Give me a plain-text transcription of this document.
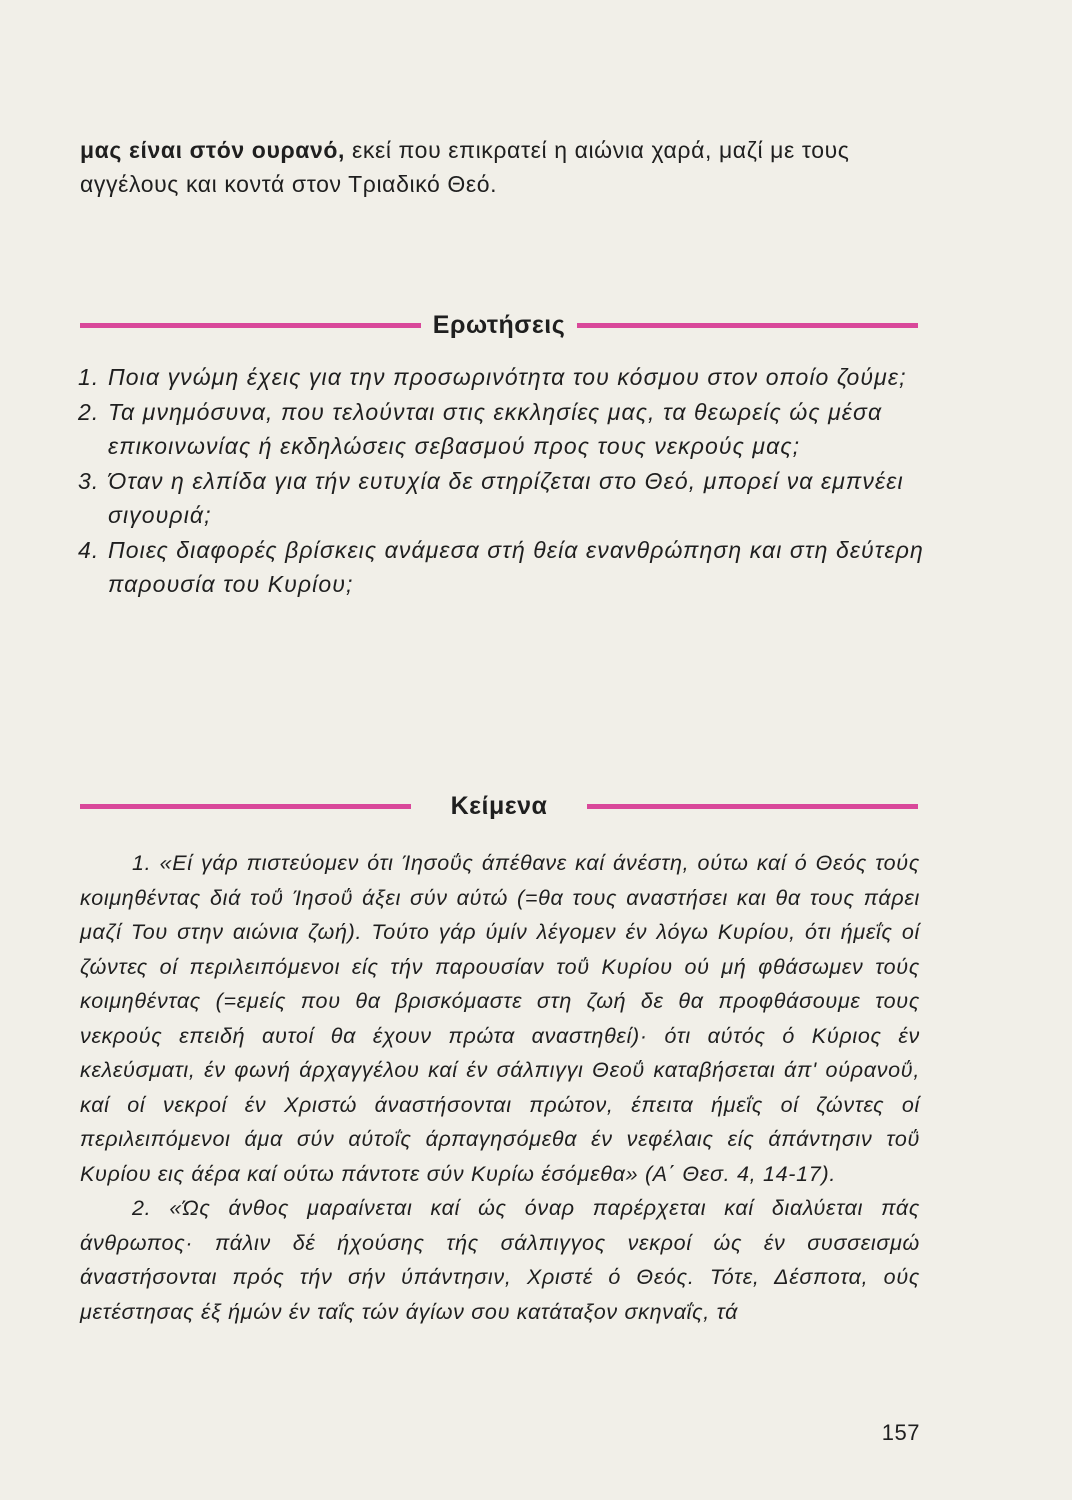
μας είναι στόν ουρανό, εκεί που επικρατεί η αιώνια χαρά, μαζί με τους αγγέλους και κοντά στον Τριαδικό Θεό.
Ερωτήσεις
1. Ποια γνώμη έχεις για την προσωρινότητα του κόσμου στον οποίο ζούμε;
2. Τα μνημόσυνα, που τελούνται στις εκκλησίες μας, τα θεωρείς ώς μέσα επικοινωνίας ή εκδηλώσεις σεβασμού προς τους νεκρούς μας;
3. Όταν η ελπίδα για τήν ευτυχία δε στηρίζεται στο Θεό, μπορεί να εμπνέει σιγουριά;
4. Ποιες διαφορές βρίσκεις ανάμεσα στή θεία ενανθρώπηση και στη δεύτερη παρουσία του Κυρίου;
Κείμενα

1. «Εί γάρ πιστεύομεν ότι Ίησοΰς άπέθανε καί άνέστη, ούτω καί ό Θεός τούς κοιμηθέντας διά τοΰ Ίησοΰ άξει σύν αύτώ (=θα τους αναστήσει και θα τους πάρει μαζί Του στην αιώνια ζωή). Τούτο γάρ ύμίν λέγομεν έν λόγω Κυρίου, ότι ήμεΐς οί ζώντες οί περιλειπόμενοι είς τήν παρουσίαν τοΰ Κυρίου ού μή φθάσωμεν τούς κοιμηθέντας (=εμείς που θα βρισκόμαστε στη ζωή δε θα προφθάσουμε τους νεκρούς επειδή αυτοί θα έχουν πρώτα αναστηθεί)· ότι αύτός ό Κύριος έν κελεύσματι, έν φωνή άρχαγγέλου καί έν σάλπιγγι Θεοΰ καταβήσεται άπ' ούρανοΰ, καί οί νεκροί έν Χριστώ άναστήσονται πρώτον, έπειτα ήμεΐς οί ζώντες οί περιλειπόμενοι άμα σύν αύτοΐς άρπαγησόμεθα έν νεφέλαις είς άπάντησιν τοΰ Κυρίου εις άέρα καί ούτω πάντοτε σύν Κυρίω έσόμεθα» (Α΄ Θεσ. 4, 14-17).

2. «Ώς άνθος μαραίνεται καί ώς όναρ παρέρχεται καί διαλύεται πάς άνθρωπος· πάλιν δέ ήχούσης τής σάλπιγγος νεκροί ώς έν συσσεισμώ άναστήσονται πρός τήν σήν ύπάντησιν, Χριστέ ό Θεός. Τότε, Δέσποτα, ούς μετέστησας έξ ήμών έν ταΐς τών άγίων σου κατάταξον σκηναΐς, τά

157
